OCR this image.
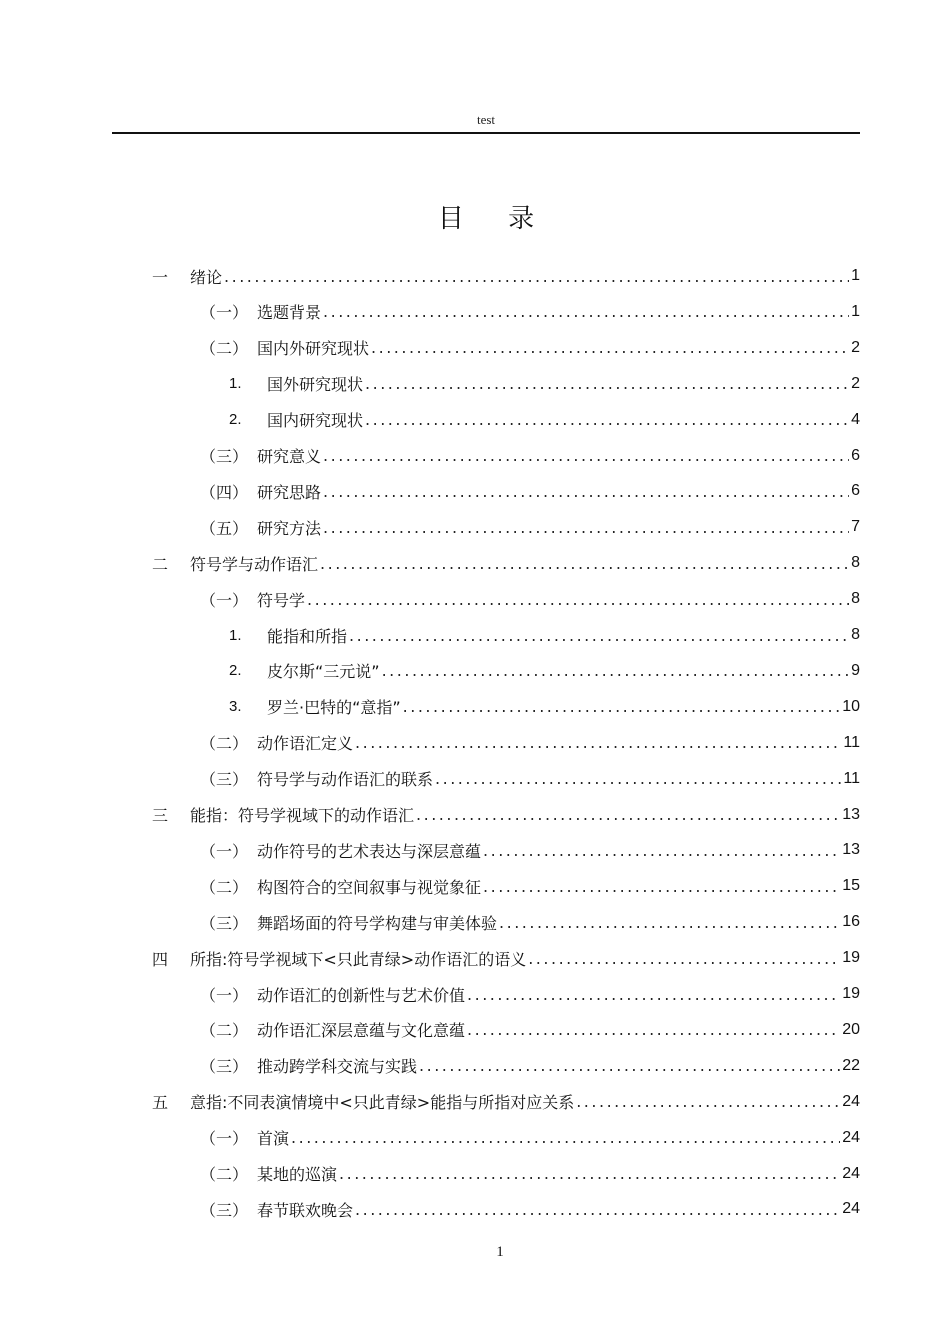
test
目 录
一	绪论 .....	1
（一） 选题背景 .....	1
（二） 国内外研究现状 .....	2
1.	国外研究现状 .....	2
2.	国内研究现状 .....	4
（三） 研究意义 .....	6
（四） 研究思路 .....	6
（五） 研究方法 .....	7
二	符号学与动作语汇 .....	8
（一） 符号学 .....	8
1.	能指和所指 .....	8
2.	皮尔斯“三元说” .....	9
3.	罗兰·巴特的“意指” .....	10
（二） 动作语汇定义 .....	11
（三） 符号学与动作语汇的联系 .....	11
三	能指：符号学视域下的动作语汇 .....	13
（一） 动作符号的艺术表达与深层意蕴 .....	13
（二） 构图符合的空间叙事与视觉象征 .....	15
（三） 舞蹈场面的符号学构建与审美体验 .....	16
四	所指:符号学视域下<只此青绿>动作语汇的语义 .....	19
（一） 动作语汇的创新性与艺术价值 .....	19
（二） 动作语汇深层意蕴与文化意蕴 .....	20
（三） 推动跨学科交流与实践 .....	22
五	意指:不同表演情境中<只此青绿>能指与所指对应关系 .....	24
（一） 首演 .....	24
（二） 某地的巡演 .....	24
（三） 春节联欢晚会 .....	24
1
